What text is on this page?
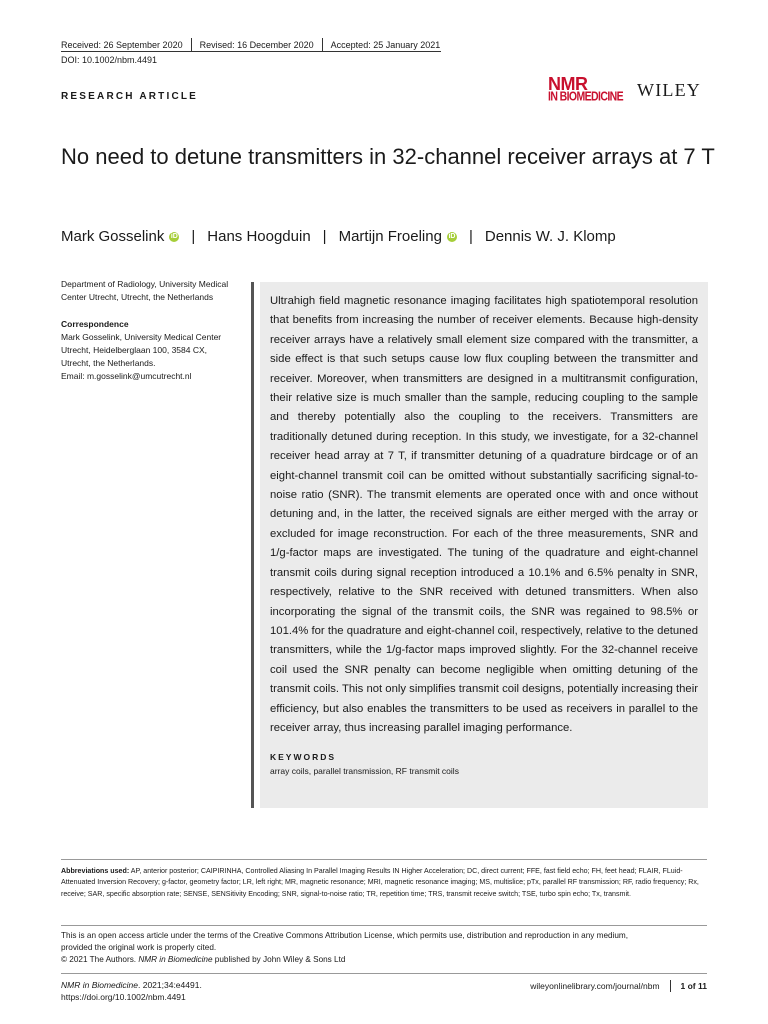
Received: 26 September 2020 Revised: 16 December 2020 Accepted: 25 January 2021
DOI: 10.1002/nbm.4491
RESEARCH ARTICLE
NMR
IN BIOMEDICINE WILEY
No need to detune transmitters in 32-channel receiver arrays at 7 T
Mark Gosselink iD | Hans Hoogduin | Martijn Froeling iD | Dennis W. J. Klomp
Department of Radiology, University Medical Center Utrecht, Utrecht, the Netherlands
Correspondence
Mark Gosselink, University Medical Center
Utrecht, Heidelberglaan 100, 3584 CX,
Utrecht, the Netherlands.
Email: m.gosselink@umcutrecht.nl

Ultrahigh field magnetic resonance imaging facilitates high spatiotemporal resolution that benefits from increasing the number of receiver elements. Because high-density receiver arrays have a relatively small element size compared with the transmitter, a side effect is that such setups cause low flux coupling between the transmitter and receiver. Moreover, when transmitters are designed in a multitransmit configuration, their relative size is much smaller than the sample, reducing coupling to the sample and thereby potentially also the coupling to the receivers. Transmitters are traditionally detuned during reception. In this study, we investigate, for a 32-channel receiver head array at 7 T, if transmitter detuning of a quadrature birdcage or of an eight-channel transmit coil can be omitted without substantially sacrificing signal-to-noise ratio (SNR). The transmit elements are operated once with and once without detuning and, in the latter, the received signals are either merged with the array or excluded for image reconstruction. For each of the three measurements, SNR and 1/g-factor maps are investigated. The tuning of the quadrature and eight-channel transmit coils during signal reception introduced a 10.1% and 6.5% penalty in SNR, respectively, relative to the SNR received with detuned transmitters. When also incorporating the signal of the transmit coils, the SNR was regained to 98.5% or 101.4% for the quadrature and eight-channel coil, respectively, relative to the detuned transmitters, while the 1/g-factor maps improved slightly. For the 32-channel receive coil used the SNR penalty can become negligible when omitting detuning of the transmit coils. This not only simplifies transmit coil designs, potentially increasing their efficiency, but also enables the transmitters to be used as receivers in parallel to the receiver array, thus increasing parallel imaging performance.

KEYWORDS
array coils, parallel transmission, RF transmit coils
Abbreviations used: AP, anterior posterior; CAIPIRINHA, Controlled Aliasing In Parallel Imaging Results IN Higher Acceleration; DC, direct current; FFE, fast field echo; FH, feet head; FLAIR, FLuid-Attenuated Inversion Recovery; g-factor, geometry factor; LR, left right; MR, magnetic resonance; MRI, magnetic resonance imaging; MS, multislice; pTx, parallel RF transmission; RF, radio frequency; Rx, receive; SAR, specific absorption rate; SENSE, SENSitivity Encoding; SNR, signal-to-noise ratio; TR, repetition time; TRS, transmit receive switch; TSE, turbo spin echo; Tx, transmit.
This is an open access article under the terms of the Creative Commons Attribution License, which permits use, distribution and reproduction in any medium,
provided the original work is properly cited.
© 2021 The Authors. NMR in Biomedicine published by John Wiley & Sons Ltd
NMR in Biomedicine. 2021;34:e4491.
https://doi.org/10.1002/nbm.4491
wileyonlinelibrary.com/journal/nbm 1 of 11
